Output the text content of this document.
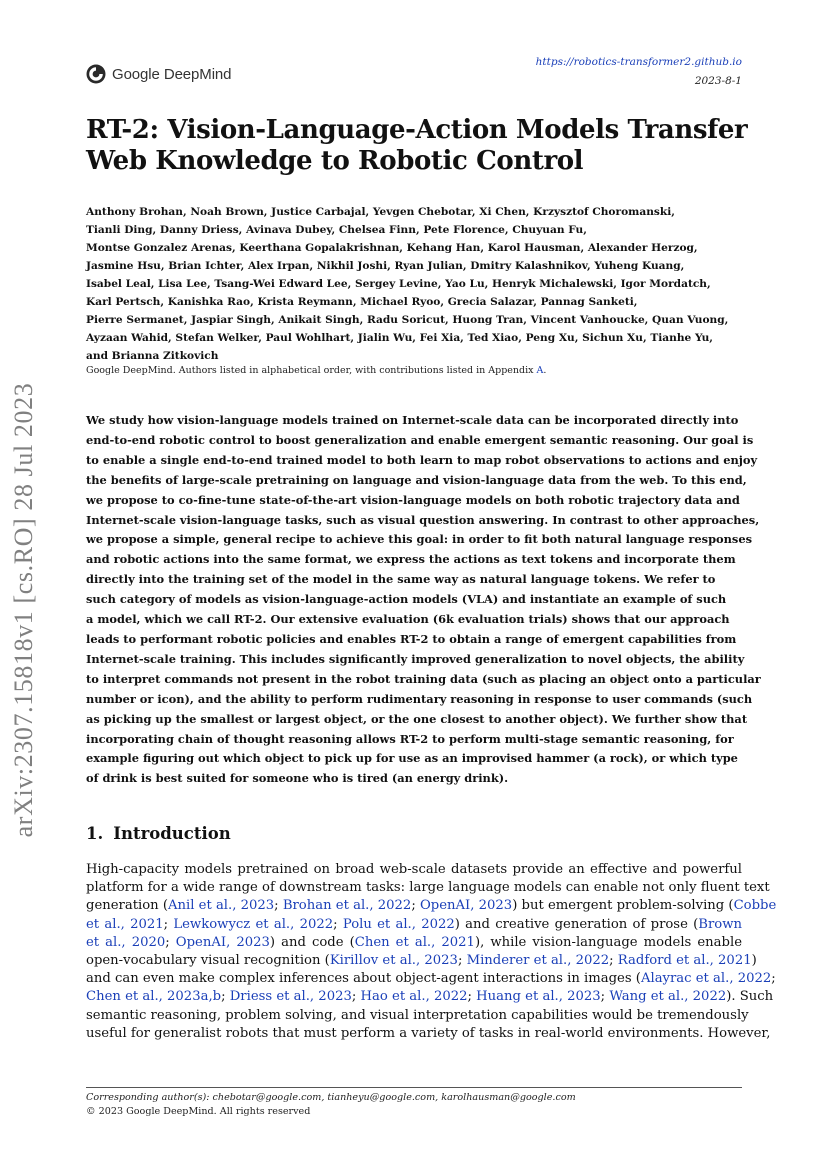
Google DeepMind
https://robotics-transformer2.github.io
2023-8-1
RT-2: Vision-Language-Action Models Transfer
Web Knowledge to Robotic Control
Anthony Brohan, Noah Brown, Justice Carbajal, Yevgen Chebotar, Xi Chen, Krzysztof Choromanski,
Tianli Ding, Danny Driess, Avinava Dubey, Chelsea Finn, Pete Florence, Chuyuan Fu,
Montse Gonzalez Arenas, Keerthana Gopalakrishnan, Kehang Han, Karol Hausman, Alexander Herzog,
Jasmine Hsu, Brian Ichter, Alex Irpan, Nikhil Joshi, Ryan Julian, Dmitry Kalashnikov, Yuheng Kuang,
Isabel Leal, Lisa Lee, Tsang-Wei Edward Lee, Sergey Levine, Yao Lu, Henryk Michalewski, Igor Mordatch,
Karl Pertsch, Kanishka Rao, Krista Reymann, Michael Ryoo, Grecia Salazar, Pannag Sanketi,
Pierre Sermanet, Jaspiar Singh, Anikait Singh, Radu Soricut, Huong Tran, Vincent Vanhoucke, Quan Vuong,
Ayzaan Wahid, Stefan Welker, Paul Wohlhart, Jialin Wu, Fei Xia, Ted Xiao, Peng Xu, Sichun Xu, Tianhe Yu,
and Brianna Zitkovich
Google DeepMind. Authors listed in alphabetical order, with contributions listed in Appendix A.
arXiv:2307.15818v1 [cs.RO] 28 Jul 2023	We study how vision-language models trained on Internet-scale data can be incorporated directly into
end-to-end robotic control to boost generalization and enable emergent semantic reasoning. Our goal is
to enable a single end-to-end trained model to both learn to map robot observations to actions and enjoy
the benefits of large-scale pretraining on language and vision-language data from the web. To this end,
we propose to co-fine-tune state-of-the-art vision-language models on both robotic trajectory data and
Internet-scale vision-language tasks, such as visual question answering. In contrast to other approaches,
we propose a simple, general recipe to achieve this goal: in order to fit both natural language responses
and robotic actions into the same format, we express the actions as text tokens and incorporate them
directly into the training set of the model in the same way as natural language tokens. We refer to
such category of models as vision-language-action models (VLA) and instantiate an example of such
a model, which we call RT-2. Our extensive evaluation (6k evaluation trials) shows that our approach
leads to performant robotic policies and enables RT-2 to obtain a range of emergent capabilities from
Internet-scale training. This includes significantly improved generalization to novel objects, the ability
to interpret commands not present in the robot training data (such as placing an object onto a particular
number or icon), and the ability to perform rudimentary reasoning in response to user commands (such
as picking up the smallest or largest object, or the one closest to another object). We further show that
incorporating chain of thought reasoning allows RT-2 to perform multi-stage semantic reasoning, for
example figuring out which object to pick up for use as an improvised hammer (a rock), or which type
of drink is best suited for someone who is tired (an energy drink).
1. Introduction
High-capacity models pretrained on broad web-scale datasets provide an effective and powerful
platform for a wide range of downstream tasks: large language models can enable not only fluent text
generation (Anil et al., 2023; Brohan et al., 2022; OpenAI, 2023) but emergent problem-solving (Cobbe
et al., 2021; Lewkowycz et al., 2022; Polu et al., 2022) and creative generation of prose (Brown
et al., 2020; OpenAI, 2023) and code (Chen et al., 2021), while vision-language models enable
open-vocabulary visual recognition (Kirillov et al., 2023; Minderer et al., 2022; Radford et al., 2021)
and can even make complex inferences about object-agent interactions in images (Alayrac et al., 2022;
Chen et al., 2023a,b; Driess et al., 2023; Hao et al., 2022; Huang et al., 2023; Wang et al., 2022). Such
semantic reasoning, problem solving, and visual interpretation capabilities would be tremendously
useful for generalist robots that must perform a variety of tasks in real-world environments. However,
Corresponding author(s): chebotar@google.com, tianheyu@google.com, karolhausman@google.com
© 2023 Google DeepMind. All rights reserved
